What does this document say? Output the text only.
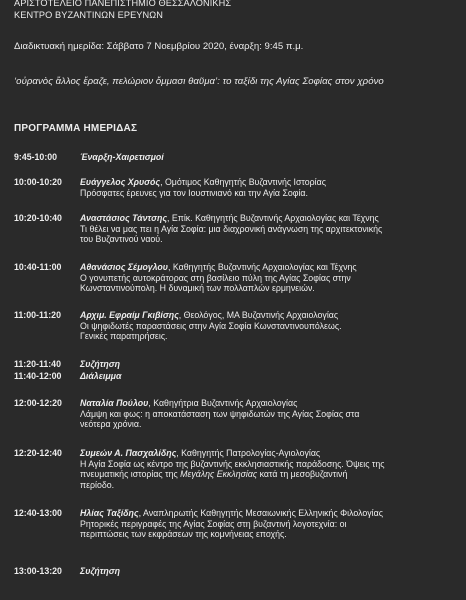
ΑΡΙΣΤΟΤΕΛΕΙΟ ΠΑΝΕΠΙΣΤΗΜΙΟ ΘΕΣΣΑΛΟΝΙΚΗΣ
ΚΕΝΤΡΟ ΒΥΖΑΝΤΙΝΩΝ ΕΡΕΥΝΩΝ
Διαδικτυακή ημερίδα: Σάββατο 7 Νοεμβρίου 2020, έναρξη: 9:45 π.μ.
‘οὐρανὸς ἄλλος ἔραζε, πελώριον ὄμμασι θαῦμα’: το ταξίδι της Αγίας Σοφίας στον χρόνο
ΠΡΟΓΡΑΜΜΑ ΗΜΕΡΙΔΑΣ
9:45-10:00	Έναρξη-Χαιρετισμοί
10:00-10:20	Ευάγγελος Χρυσός, Ομότιμος Καθηγητής Βυζαντινής Ιστορίας
Πρόσφατες έρευνες για τον Ιουστινιανό και την Αγία Σοφία.
10:20-10:40	Αναστάσιος Τάντσης, Επίκ. Καθηγητής Βυζαντινής Αρχαιολογίας και Τέχνης
Τι θέλει να μας πει η Αγία Σοφία: μια διαχρονική ανάγνωση της αρχιτεκτονικής
του Βυζαντινού ναού.
10:40-11:00	Αθανάσιος Σέμογλου, Καθηγητής Βυζαντινής Αρχαιολογίας και Τέχνης
Ο γονυπετής αυτοκράτορας στη βασίλειο πύλη της Αγίας Σοφίας στην
Κωνσταντινούπολη. Η δυναμική των πολλαπλών ερμηνειών.
11:00-11:20	Αρχιμ. Εφραίμ Γκιβίσης, Θεολόγος, ΜΑ Βυζαντινής Αρχαιολογίας
Οι ψηφιδωτές παραστάσεις στην Αγία Σοφία Κωνσταντινουπόλεως.
Γενικές παρατηρήσεις.
11:20-11:40	Συζήτηση
11:40-12:00	Διάλειμμα
12:00-12:20	Ναταλία Πούλου, Καθηγήτρια Βυζαντινής Αρχαιολογίας
Λάμψη και φως: η αποκατάσταση των ψηφιδωτών της Αγίας Σοφίας στα
νεότερα χρόνια.
12:20-12:40	Συμεών Α. Πασχαλίδης, Καθηγητής Πατρολογίας-Αγιολογίας
Η Αγία Σοφία ως κέντρο της βυζαντινής εκκλησιαστικής παράδοσης. Όψεις της
πνευματικής ιστορίας της Μεγάλης Εκκλησίας κατά τη μεσοβυζαντινή
περίοδο.
12:40-13:00	Ηλίας Ταξίδης, Αναπληρωτής Καθηγητής Μεσαιωνικής Ελληνικής Φιλολογίας
Ρητορικές περιγραφές της Αγίας Σοφίας στη βυζαντινή λογοτεχνία: οι
περιπτώσεις των εκφράσεων της κομνήνειας εποχής.
13:00-13:20	Συζήτηση
